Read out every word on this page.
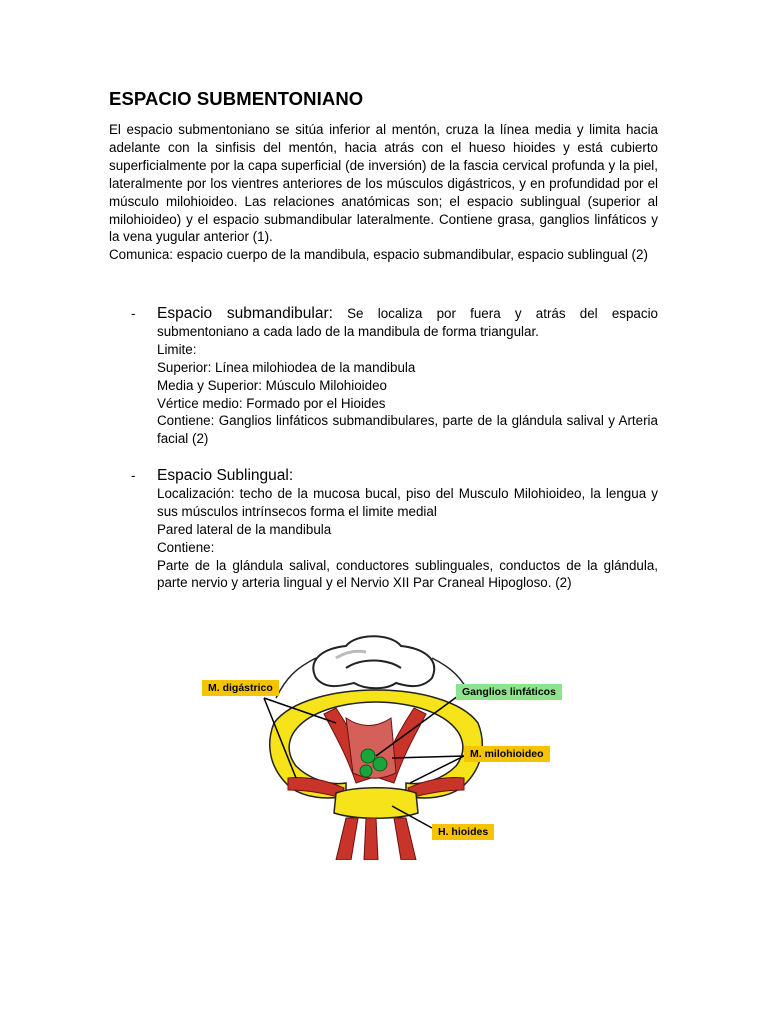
ESPACIO SUBMENTONIANO

El espacio submentoniano se sitúa inferior al mentón, cruza la línea media y limita hacia adelante con la sinfisis del mentón, hacia atrás con el hueso hioides y está cubierto superficialmente por la capa superficial (de inversión) de la fascia cervical profunda y la piel, lateralmente por los vientres anteriores de los músculos digástricos, y en profundidad por el músculo milohioideo. Las relaciones anatómicas son; el espacio sublingual (superior al milohioideo) y el espacio submandibular lateralmente. Contiene grasa, ganglios linfáticos y la vena yugular anterior (1).

Comunica: espacio cuerpo de la mandibula, espacio submandibular, espacio sublingual (2)

- Espacio submandibular: Se localiza por fuera y atrás del espacio submentoniano a cada lado de la mandibula de forma triangular.
Limite:
Superior: Línea milohiodea de la mandibula
Media y Superior: Músculo Milohioideo
Vértice medio: Formado por el Hioides
Contiene: Ganglios linfáticos submandibulares, parte de la glándula salival y Arteria facial (2)
- Espacio Sublingual:
Localización: techo de la mucosa bucal, piso del Musculo Milohioideo, la lengua y sus músculos intrínsecos forma el limite medial
Pared lateral de la mandibula
Contiene:
Parte de la glándula salival, conductores sublinguales, conductos de la glándula, parte nervio y arteria lingual y el Nervio XII Par Craneal Hipogloso. (2)
M. digástrico	Ganglios linfáticos
M. milohioideo
H. hioides
